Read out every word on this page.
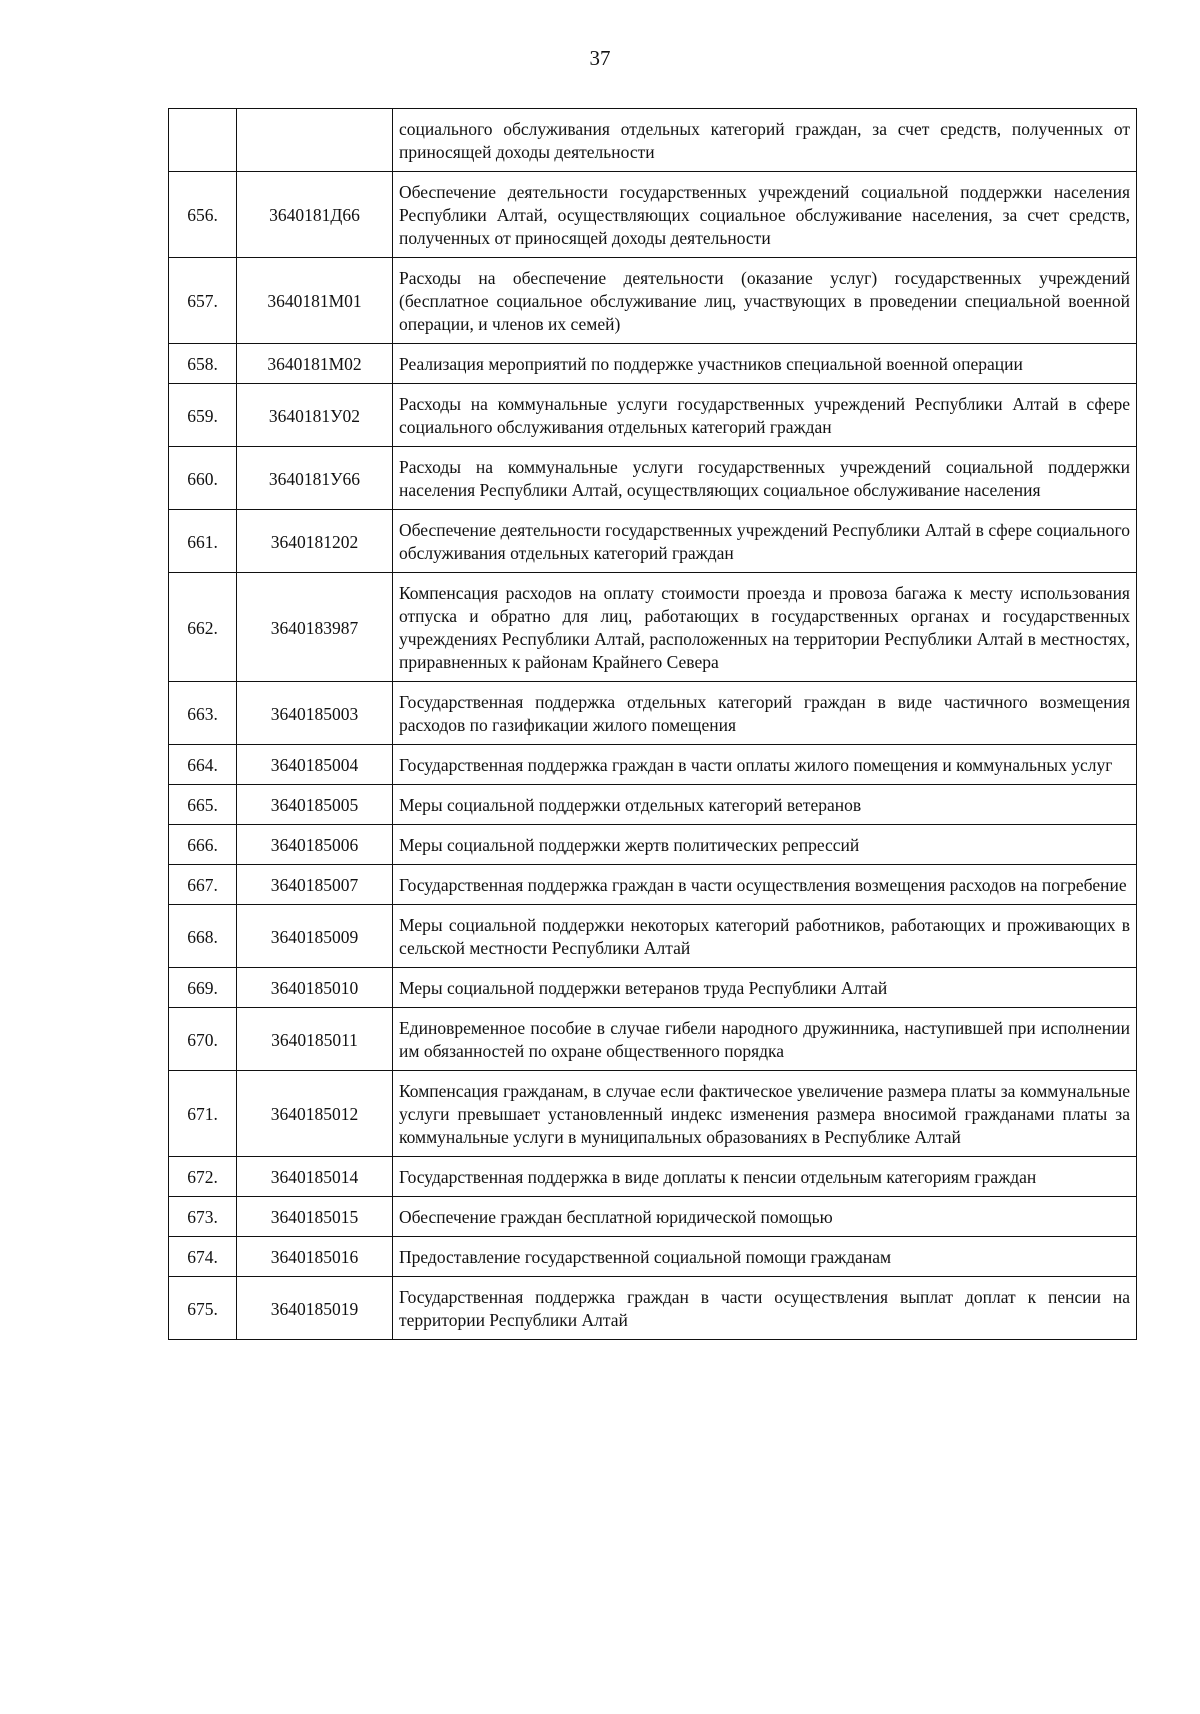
37
		социального обслуживания отдельных категорий граждан, за счет средств, полученных от приносящей доходы деятельности
656.	3640181Д66	Обеспечение деятельности государственных учреждений социальной поддержки населения Республики Алтай, осуществляющих социальное обслуживание населения, за счет средств, полученных от приносящей доходы деятельности
657.	3640181М01	Расходы на обеспечение деятельности (оказание услуг) государственных учреждений (бесплатное социальное обслуживание лиц, участвующих в проведении специальной военной операции, и членов их семей)
658.	3640181М02	Реализация мероприятий по поддержке участников специальной военной операции
659.	3640181У02	Расходы на коммунальные услуги государственных учреждений Республики Алтай в сфере социального обслуживания отдельных категорий граждан
660.	3640181У66	Расходы на коммунальные услуги государственных учреждений социальной поддержки населения Республики Алтай, осуществляющих социальное обслуживание населения
661.	3640181202	Обеспечение деятельности государственных учреждений Республики Алтай в сфере социального обслуживания отдельных категорий граждан
662.	3640183987	Компенсация расходов на оплату стоимости проезда и провоза багажа к месту использования отпуска и обратно для лиц, работающих в государственных органах и государственных учреждениях Республики Алтай, расположенных на территории Республики Алтай в местностях, приравненных к районам Крайнего Севера
663.	3640185003	Государственная поддержка отдельных категорий граждан в виде частичного возмещения расходов по газификации жилого помещения
664.	3640185004	Государственная поддержка граждан в части оплаты жилого помещения и коммунальных услуг
665.	3640185005	Меры социальной поддержки отдельных категорий ветеранов
666.	3640185006	Меры социальной поддержки жертв политических репрессий
667.	3640185007	Государственная поддержка граждан в части осуществления возмещения расходов на погребение
668.	3640185009	Меры социальной поддержки некоторых категорий работников, работающих и проживающих в сельской местности Республики Алтай
669.	3640185010	Меры социальной поддержки ветеранов труда Республики Алтай
670.	3640185011	Единовременное пособие в случае гибели народного дружинника, наступившей при исполнении им обязанностей по охране общественного порядка
671.	3640185012	Компенсация гражданам, в случае если фактическое увеличение размера платы за коммунальные услуги превышает установленный индекс изменения размера вносимой гражданами платы за коммунальные услуги в муниципальных образованиях в Республике Алтай
672.	3640185014	Государственная поддержка в виде доплаты к пенсии отдельным категориям граждан
673.	3640185015	Обеспечение граждан бесплатной юридической помощью
674.	3640185016	Предоставление государственной социальной помощи гражданам
675.	3640185019	Государственная поддержка граждан в части осуществления выплат доплат к пенсии на территории Республики Алтай
